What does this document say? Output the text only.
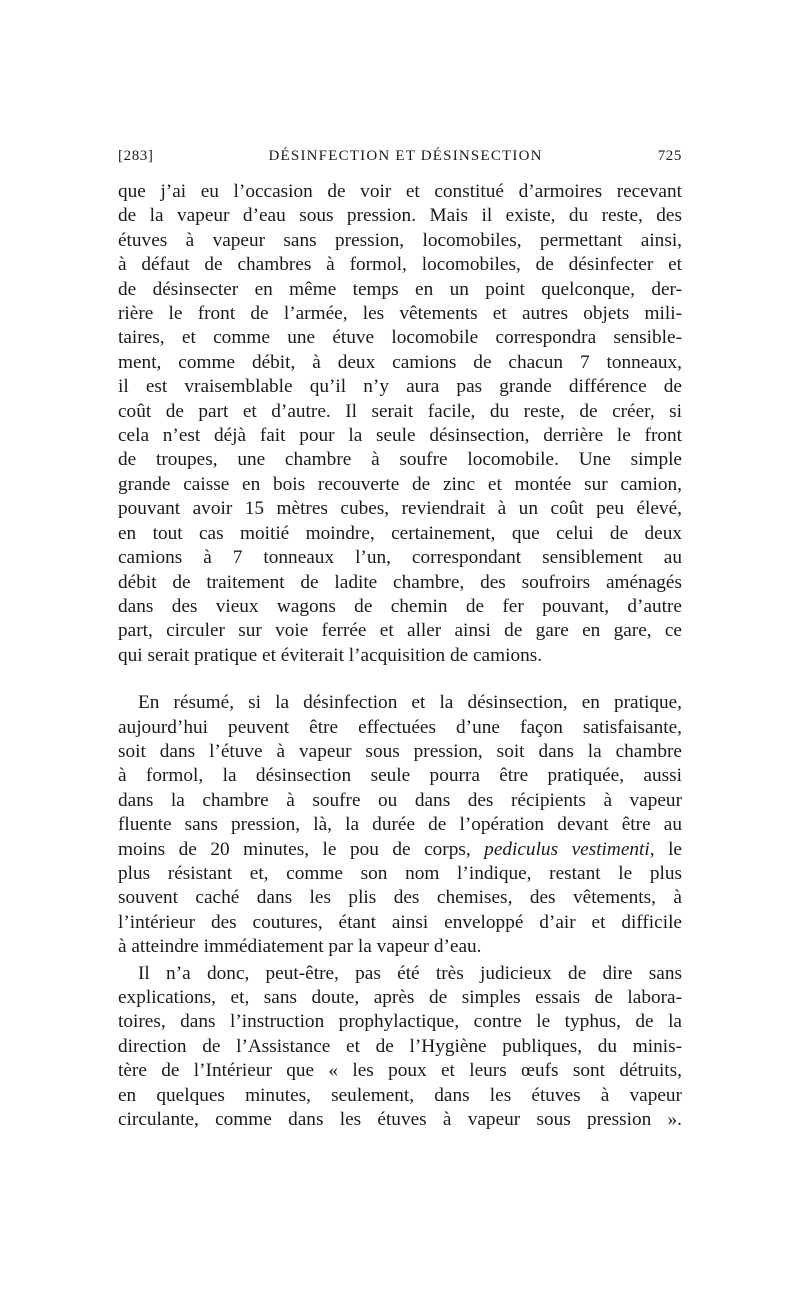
[283]	DÉSINFECTION ET DÉSINSECTION	725
que j’ai eu l’occasion de voir et constitué d’armoires recevant
de la vapeur d’eau sous pression. Mais il existe, du reste, des
étuves à vapeur sans pression, locomobiles, permettant ainsi,
à défaut de chambres à formol, locomobiles, de désinfecter et
de désinsecter en même temps en un point quelconque, der-
rière le front de l’armée, les vêtements et autres objets mili-
taires, et comme une étuve locomobile correspondra sensible-
ment, comme débit, à deux camions de chacun 7 tonneaux,
il est vraisemblable qu’il n’y aura pas grande différence de
coût de part et d’autre. Il serait facile, du reste, de créer, si
cela n’est déjà fait pour la seule désinsection, derrière le front
de troupes, une chambre à soufre locomobile. Une simple
grande caisse en bois recouverte de zinc et montée sur camion,
pouvant avoir 15 mètres cubes, reviendrait à un coût peu élevé,
en tout cas moitié moindre, certainement, que celui de deux
camions à 7 tonneaux l’un, correspondant sensiblement au
débit de traitement de ladite chambre, des soufroirs aménagés
dans des vieux wagons de chemin de fer pouvant, d’autre
part, circuler sur voie ferrée et aller ainsi de gare en gare, ce
qui serait pratique et éviterait l’acquisition de camions.
En résumé, si la désinfection et la désinsection, en pratique,
aujourd’hui peuvent être effectuées d’une façon satisfaisante,
soit dans l’étuve à vapeur sous pression, soit dans la chambre
à formol, la désinsection seule pourra être pratiquée, aussi
dans la chambre à soufre ou dans des récipients à vapeur
fluente sans pression, là, la durée de l’opération devant être au
moins de 20 minutes, le pou de corps, pediculus vestimenti, le
plus résistant et, comme son nom l’indique, restant le plus
souvent caché dans les plis des chemises, des vêtements, à
l’intérieur des coutures, étant ainsi enveloppé d’air et difficile
à atteindre immédiatement par la vapeur d’eau.
Il n’a donc, peut-être, pas été très judicieux de dire sans
explications, et, sans doute, après de simples essais de labora-
toires, dans l’instruction prophylactique, contre le typhus, de la
direction de l’Assistance et de l’Hygiène publiques, du minis-
tère de l’Intérieur que « les poux et leurs œufs sont détruits,
en quelques minutes, seulement, dans les étuves à vapeur
circulante, comme dans les étuves à vapeur sous pression ».
